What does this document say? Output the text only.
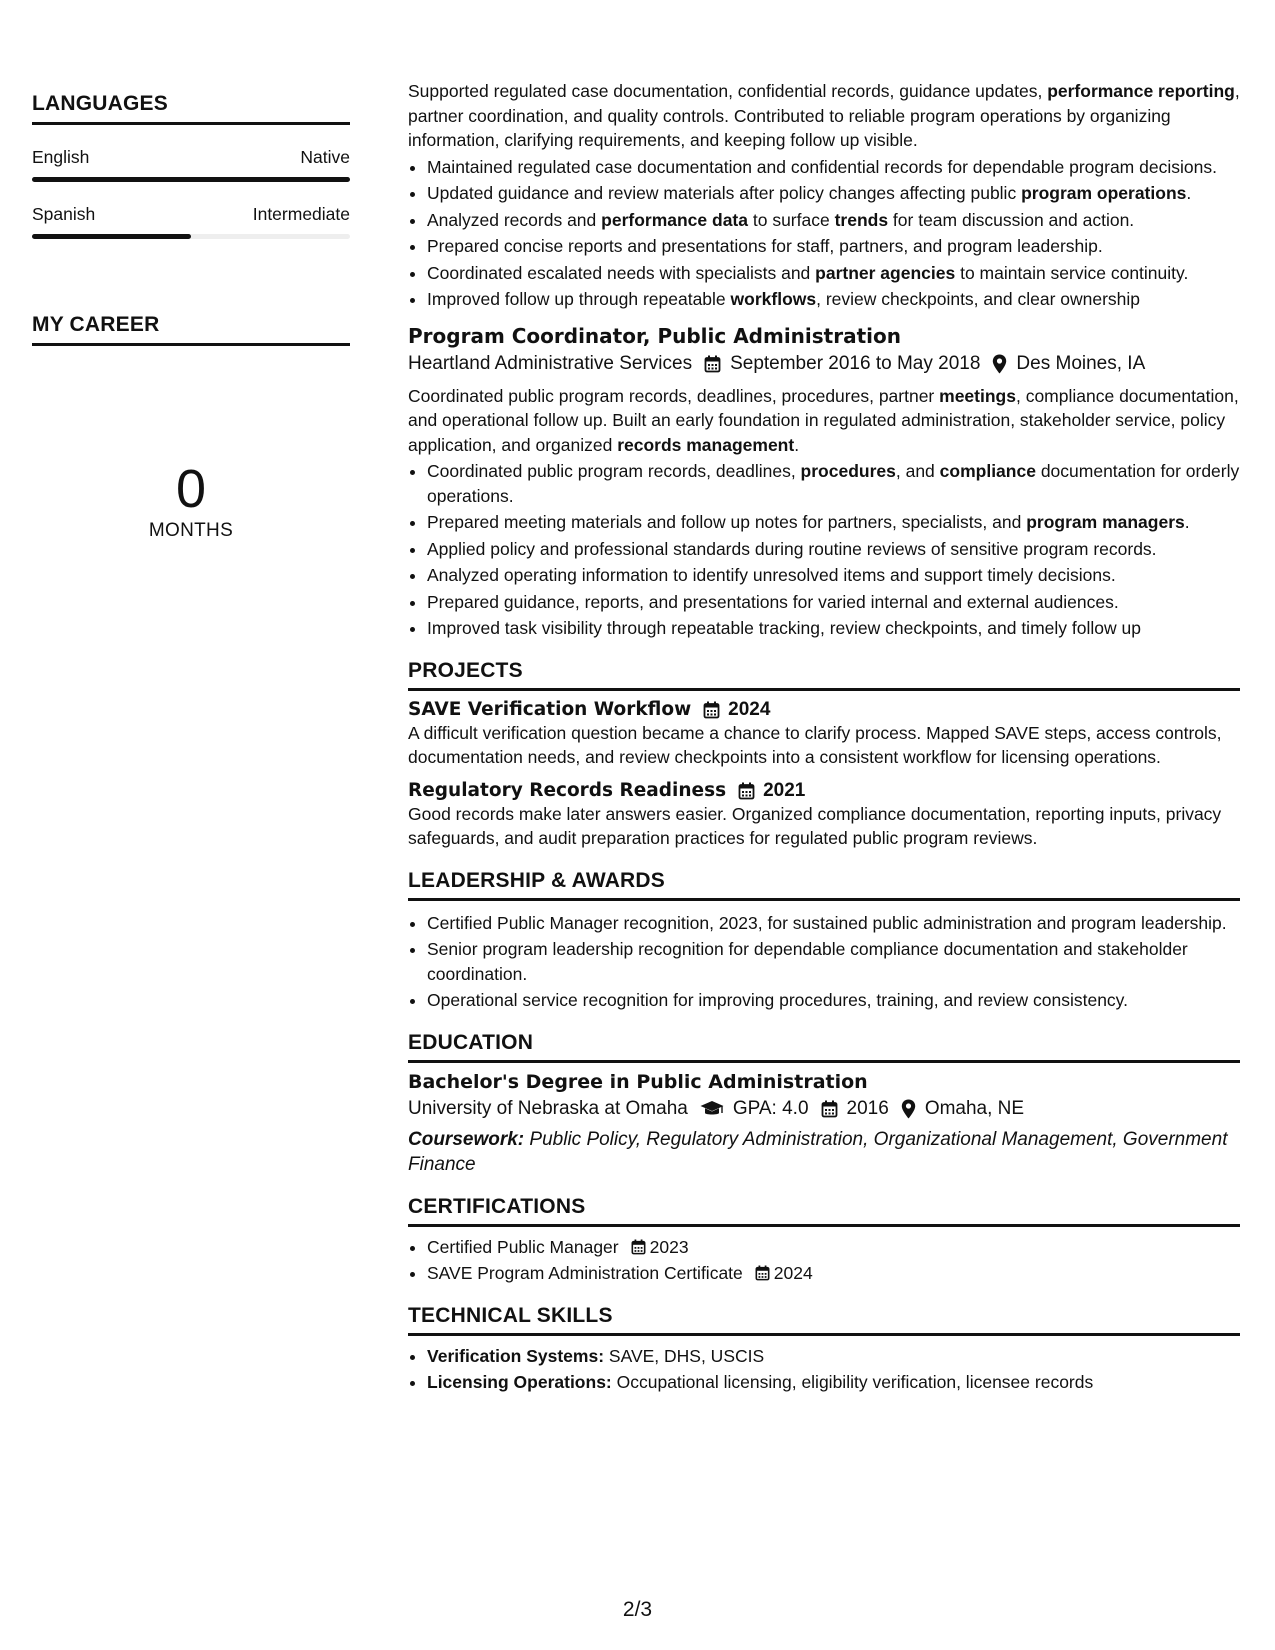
LANGUAGES
English	Native
Spanish	Intermediate
MY CAREER
0
MONTHS

Supported regulated case documentation, confidential records, guidance updates, performance reporting, partner coordination, and quality controls. Contributed to reliable program operations by organizing information, clarifying requirements, and keeping follow up visible.

• Maintained regulated case documentation and confidential records for dependable program decisions.
• Updated guidance and review materials after policy changes affecting public program operations.
• Analyzed records and performance data to surface trends for team discussion and action.
• Prepared concise reports and presentations for staff, partners, and program leadership.
• Coordinated escalated needs with specialists and partner agencies to maintain service continuity.
• Improved follow up through repeatable workflows, review checkpoints, and clear ownership
Program Coordinator, Public Administration
Heartland Administrative Services September 2016 to May 2018 Des Moines, IA

Coordinated public program records, deadlines, procedures, partner meetings, compliance documentation, and operational follow up. Built an early foundation in regulated administration, stakeholder service, policy application, and organized records management.

• Coordinated public program records, deadlines, procedures, and compliance documentation for orderly operations.
• Prepared meeting materials and follow up notes for partners, specialists, and program managers.
• Applied policy and professional standards during routine reviews of sensitive program records.
• Analyzed operating information to identify unresolved items and support timely decisions.
• Prepared guidance, reports, and presentations for varied internal and external audiences.
• Improved task visibility through repeatable tracking, review checkpoints, and timely follow up
PROJECTS
SAVE Verification Workflow 2024

A difficult verification question became a chance to clarify process. Mapped SAVE steps, access controls, documentation needs, and review checkpoints into a consistent workflow for licensing operations.

Regulatory Records Readiness 2021

Good records make later answers easier. Organized compliance documentation, reporting inputs, privacy safeguards, and audit preparation practices for regulated public program reviews.

LEADERSHIP & AWARDS
• Certified Public Manager recognition, 2023, for sustained public administration and program leadership.
• Senior program leadership recognition for dependable compliance documentation and stakeholder coordination.
• Operational service recognition for improving procedures, training, and review consistency.
EDUCATION
Bachelor's Degree in Public Administration
University of Nebraska at Omaha GPA: 4.0 2016 Omaha, NE
Coursework: Public Policy, Regulatory Administration, Organizational Management, Government Finance
CERTIFICATIONS
• Certified Public Manager 2023
• SAVE Program Administration Certificate 2024
TECHNICAL SKILLS
• Verification Systems: SAVE, DHS, USCIS
• Licensing Operations: Occupational licensing, eligibility verification, licensee records
2/3
